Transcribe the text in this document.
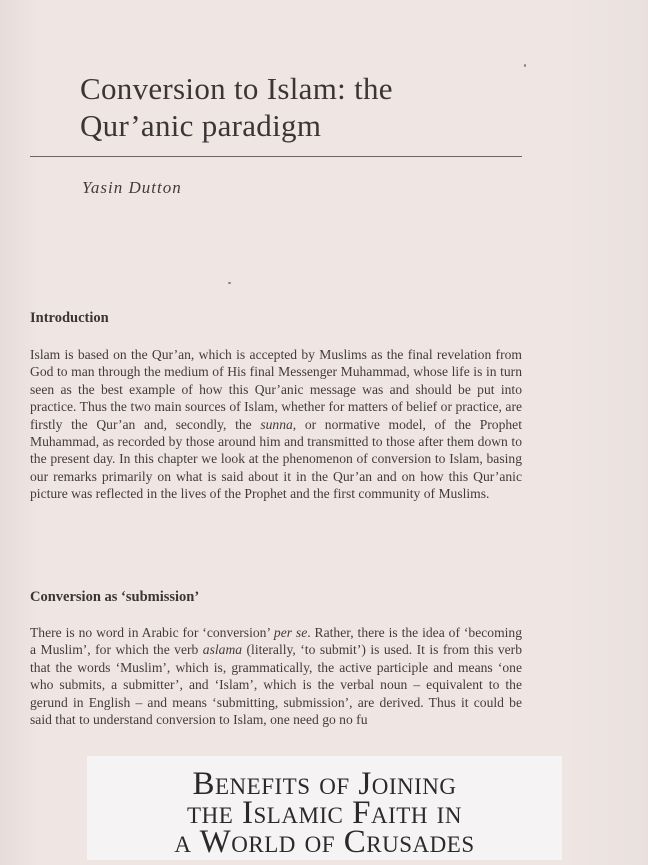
Conversion to Islam: the
Qur’anic paradigm
Yasin Dutton
Introduction

Islam is based on the Qur’an, which is accepted by Muslims as the final revelation from God to man through the medium of His final Messenger Muhammad, whose life is in turn seen as the best example of how this Qur’anic message was and should be put into practice. Thus the two main sources of Islam, whether for matters of belief or practice, are firstly the Qur’an and, secondly, the sunna, or normative model, of the Prophet Muhammad, as recorded by those around him and transmitted to those after them down to the present day. In this chapter we look at the phenomenon of conversion to Islam, basing our remarks primarily on what is said about it in the Qur’an and on how this Qur’anic picture was reflected in the lives of the Prophet and the first community of Muslims.

Conversion as ‘submission’

There is no word in Arabic for ‘conversion’ per se. Rather, there is the idea of ‘becoming a Muslim’, for which the verb aslama (literally, ‘to submit’) is used. It is from this verb that the words ‘Muslim’, which is, grammatically, the active participle and means ‘one who submits, a submitter’, and ‘Islam’, which is the verbal noun – equivalent to the gerund in English – and means ‘submitting, submission’, are derived. Thus it could be said that to understand conversion to Islam, one need go no fu

Benefits of Joining
the Islamic Faith in
a World of Crusades
